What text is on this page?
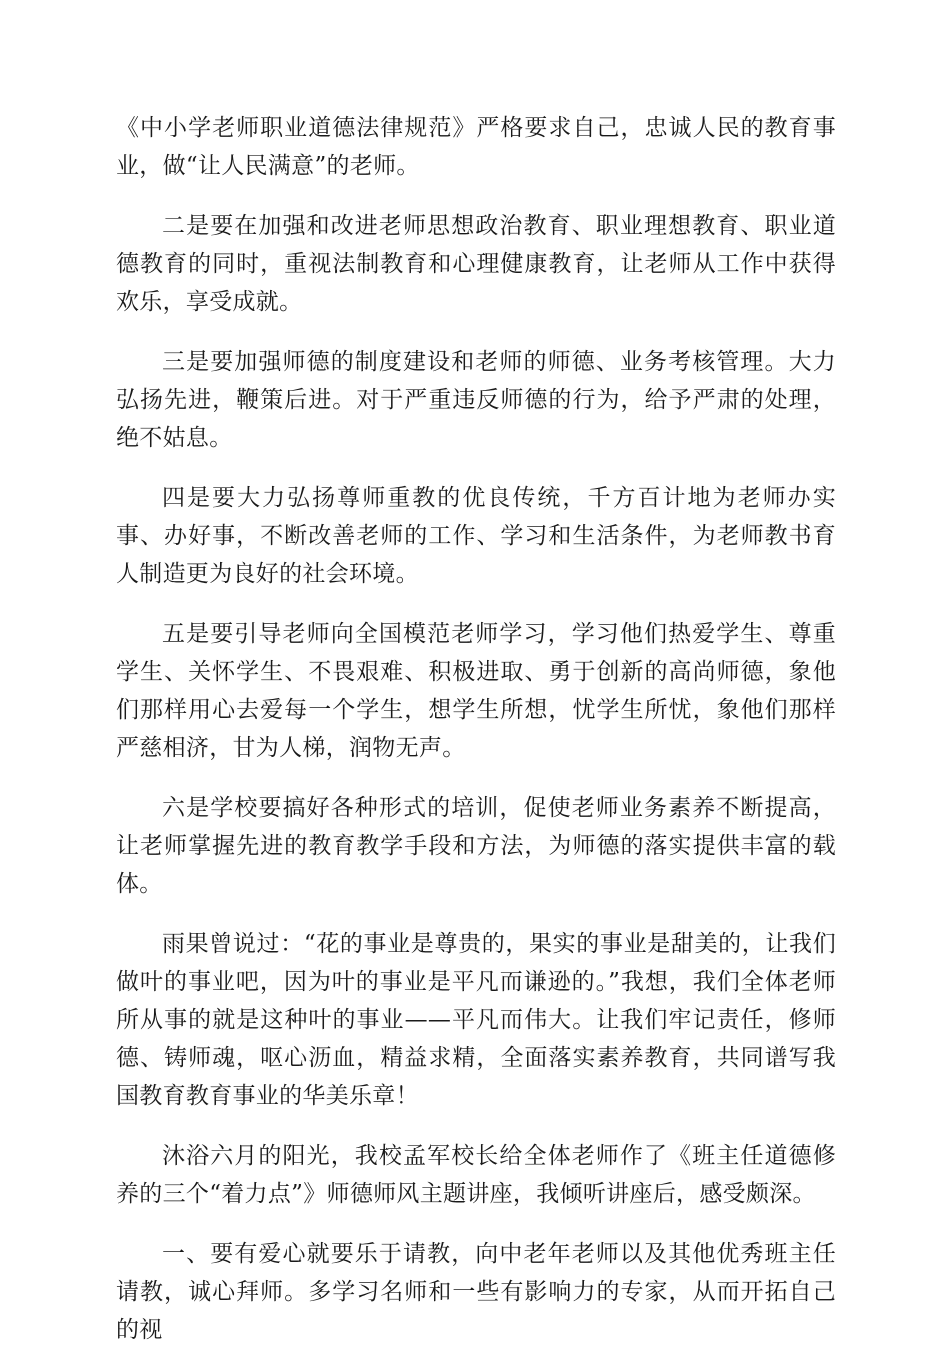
《中小学老师职业道德法律规范》严格要求自己，忠诚人民的教育事业，做“让人民满意”的老师。

二是要在加强和改进老师思想政治教育、职业理想教育、职业道德教育的同时，重视法制教育和心理健康教育，让老师从工作中获得欢乐，享受成就。

三是要加强师德的制度建设和老师的师德、业务考核管理。大力弘扬先进，鞭策后进。对于严重违反师德的行为，给予严肃的处理，绝不姑息。

四是要大力弘扬尊师重教的优良传统，千方百计地为老师办实事、办好事，不断改善老师的工作、学习和生活条件，为老师教书育人制造更为良好的社会环境。

五是要引导老师向全国模范老师学习，学习他们热爱学生、尊重学生、关怀学生、不畏艰难、积极进取、勇于创新的高尚师德，象他们那样用心去爱每一个学生，想学生所想，忧学生所忧，象他们那样严慈相济，甘为人梯，润物无声。

六是学校要搞好各种形式的培训，促使老师业务素养不断提高，让老师掌握先进的教育教学手段和方法，为师德的落实提供丰富的载体。

雨果曾说过：“花的事业是尊贵的，果实的事业是甜美的，让我们做叶的事业吧，因为叶的事业是平凡而谦逊的。”我想，我们全体老师所从事的就是这种叶的事业——平凡而伟大。让我们牢记责任，修师德、铸师魂，呕心沥血，精益求精，全面落实素养教育，共同谱写我国教育教育事业的华美乐章！

沐浴六月的阳光，我校孟军校长给全体老师作了《班主任道德修养的三个“着力点”》师德师风主题讲座，我倾听讲座后，感受颇深。

一、要有爱心就要乐于请教，向中老年老师以及其他优秀班主任请教，诚心拜师。多学习名师和一些有影响力的专家，从而开拓自己的视
